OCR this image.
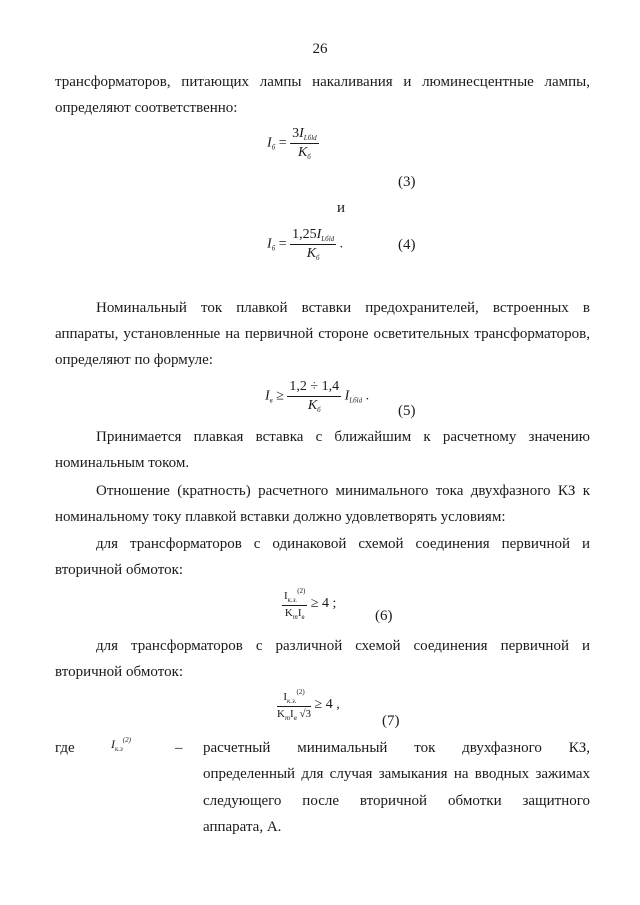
26
трансформаторов, питающих лампы накаливания и люминесцентные лампы,
определяют соответственно:
$I_б = \frac{3I_{Lбld}}{K_б}$
(3)
и
$I_б = \frac{1,25I_{Lбld}}{K_б}$ .	(4)
Номинальный ток плавкой вставки предохранителей, встроенных в
аппараты, установленные на первичной стороне осветительных трансформаторов,
определяют по формуле:
$I_в \ge \frac{1,2 \div 1,4}{K_б} I_{Lбld}$ .
(5)
Принимается плавкая вставка с ближайшим к расчетному значению
номинальным током.
Отношение (кратность) расчетного минимального тока двухфазного КЗ к
номинальному току плавкой вставки должно удовлетворять условиям:
для трансформаторов с одинаковой схемой соединения первичной и
вторичной обмоток:
$\frac{I_{к.з.}^{(2)}}{K_тI_в} \ge 4$ ;
(6)
для трансформаторов с различной схемой соединения первичной и
вторичной обмоток:
$\frac{I_{к.з.}^{(2)}}{K_тI_в √3} \ge 4$ ,
(7)
где	$I_{к.з}^{(2)}$	– расчетный минимальный ток двухфазного КЗ,
определенный для случая замыкания на вводных зажимах
следующего после вторичной обмотки защитного
аппарата, А.
